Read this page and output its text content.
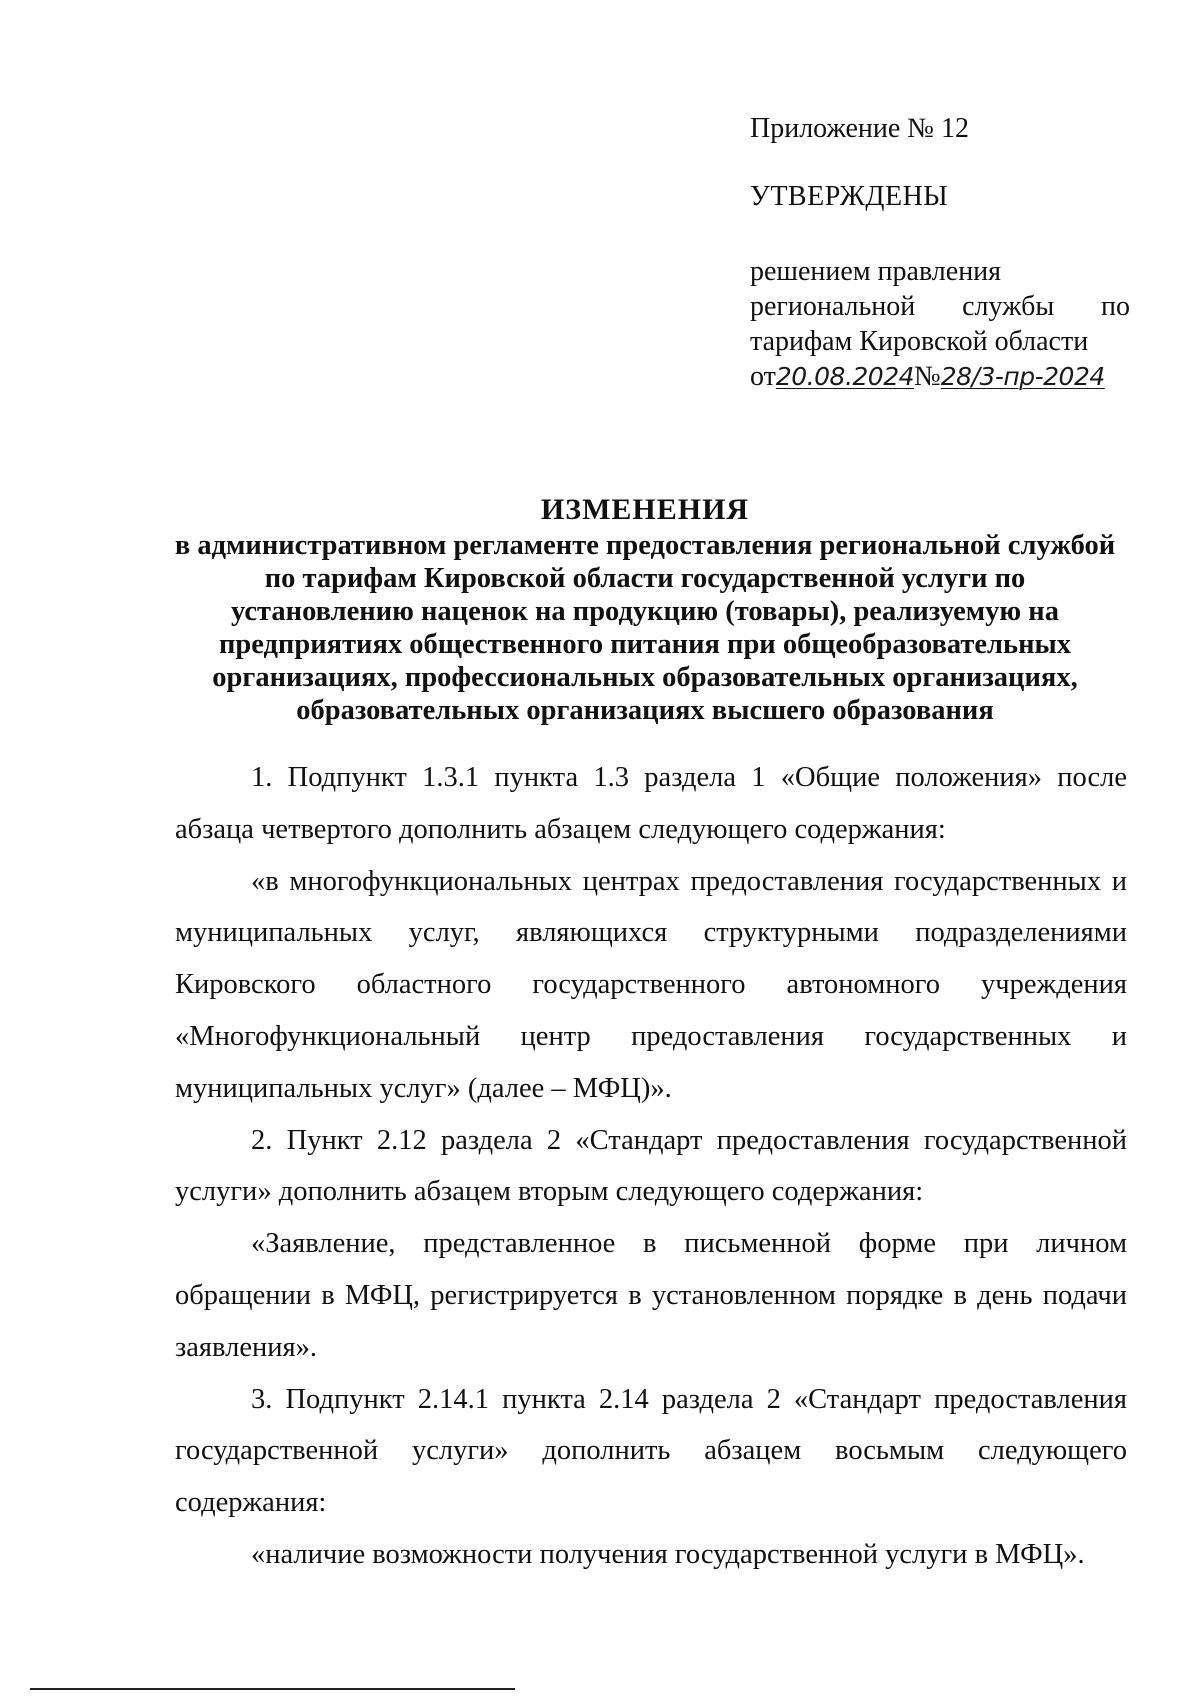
Приложение № 12
УТВЕРЖДЕНЫ
решением правления
региональной службы по
тарифам Кировской области
от20.08.2024№28/3-пр-2024
ИЗМЕНЕНИЯ
в административном регламенте предоставления региональной службой
по тарифам Кировской области государственной услуги по
установлению наценок на продукцию (товары), реализуемую на
предприятиях общественного питания при общеобразовательных
организациях, профессиональных образовательных организациях,
образовательных организациях высшего образования

1. Подпункт 1.3.1 пункта 1.3 раздела 1 «Общие положения» после абзаца четвертого дополнить абзацем следующего содержания:

«в многофункциональных центрах предоставления государственных и муниципальных услуг, являющихся структурными подразделениями Кировского областного государственного автономного учреждения «Многофункциональный центр предоставления государственных и муниципальных услуг» (далее – МФЦ)».

2. Пункт 2.12 раздела 2 «Стандарт предоставления государственной услуги» дополнить абзацем вторым следующего содержания:

«Заявление, представленное в письменной форме при личном обращении в МФЦ, регистрируется в установленном порядке в день подачи заявления».

3. Подпункт 2.14.1 пункта 2.14 раздела 2 «Стандарт предоставления государственной услуги» дополнить абзацем восьмым следующего содержания:

«наличие возможности получения государственной услуги в МФЦ».
